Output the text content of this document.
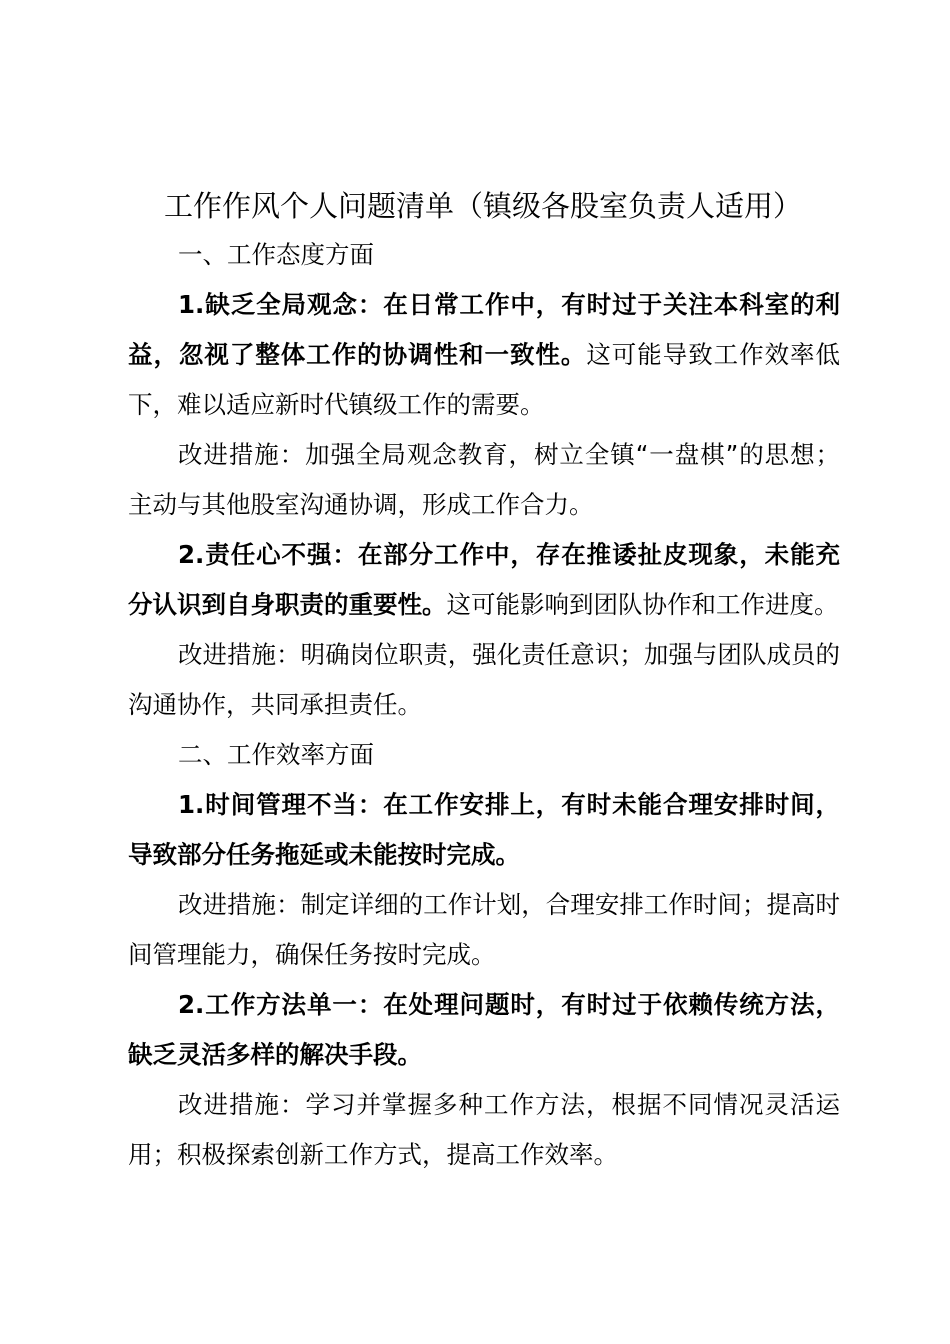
工作作风个人问题清单（镇级各股室负责人适用）

一、工作态度方面

1.缺乏全局观念：在日常工作中，有时过于关注本科室的利益，忽视了整体工作的协调性和一致性。这可能导致工作效率低下，难以适应新时代镇级工作的需要。

改进措施：加强全局观念教育，树立全镇“一盘棋”的思想；主动与其他股室沟通协调，形成工作合力。

2.责任心不强：在部分工作中，存在推诿扯皮现象，未能充分认识到自身职责的重要性。这可能影响到团队协作和工作进度。

改进措施：明确岗位职责，强化责任意识；加强与团队成员的沟通协作，共同承担责任。

二、工作效率方面

1.时间管理不当：在工作安排上，有时未能合理安排时间，导致部分任务拖延或未能按时完成。

改进措施：制定详细的工作计划，合理安排工作时间；提高时间管理能力，确保任务按时完成。

2.工作方法单一：在处理问题时，有时过于依赖传统方法，缺乏灵活多样的解决手段。

改进措施：学习并掌握多种工作方法，根据不同情况灵活运用；积极探索创新工作方式，提高工作效率。
